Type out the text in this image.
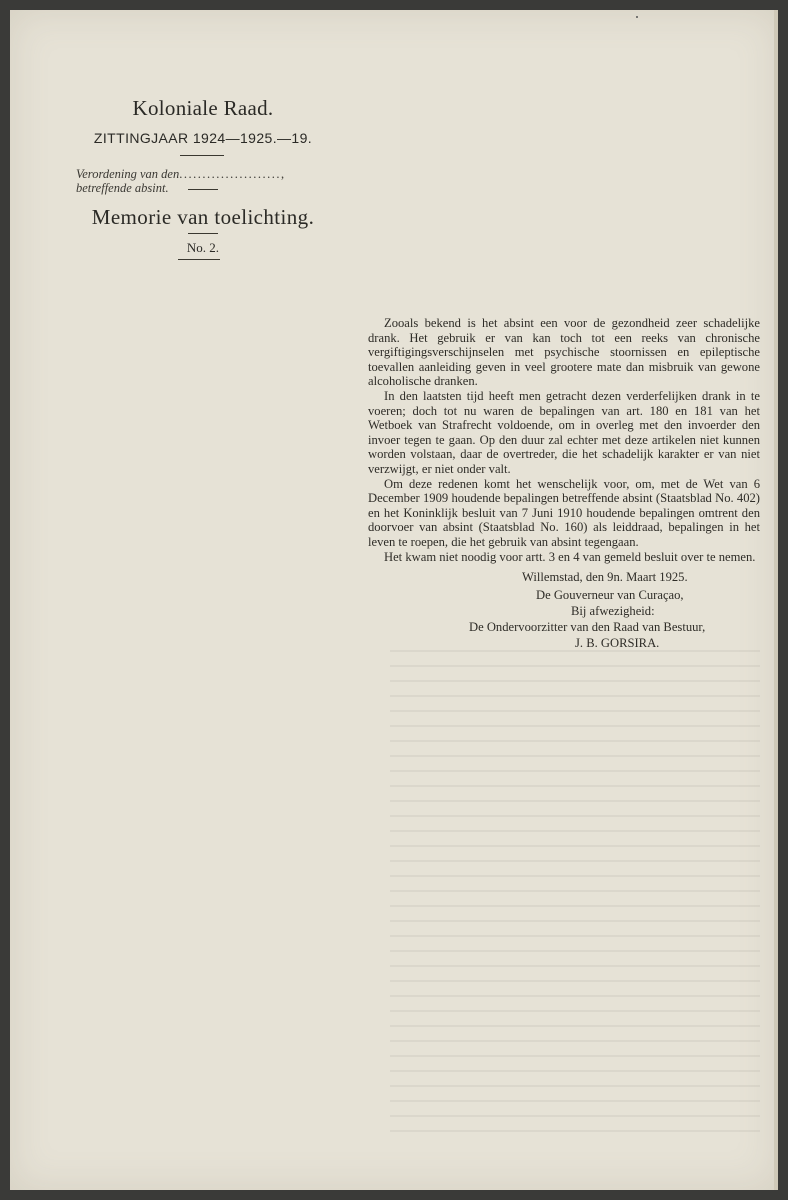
Koloniale Raad.
ZITTINGJAAR 1924—1925.—19.
Verordening van den......................,
betreffende absint.
Memorie van toelichting.
No. 2.

Zooals bekend is het absint een voor de gezondheid zeer schadelijke drank. Het gebruik er van kan toch tot een reeks van chronische vergiftigingsverschijnselen met psychische stoornissen en epileptische toevallen aanleiding geven in veel grootere mate dan misbruik van gewone alcoholische dranken.

In den laatsten tijd heeft men getracht dezen verderfelijken drank in te voeren; doch tot nu waren de bepalingen van art. 180 en 181 van het Wetboek van Strafrecht voldoende, om in overleg met den invoerder den invoer tegen te gaan. Op den duur zal echter met deze artikelen niet kunnen worden volstaan, daar de overtreder, die het schadelijk karakter er van niet verzwijgt, er niet onder valt.

Om deze redenen komt het wenschelijk voor, om, met de Wet van 6 December 1909 houdende bepalingen betreffende absint (Staatsblad No. 402) en het Koninklijk besluit van 7 Juni 1910 houdende bepalingen omtrent den doorvoer van absint (Staatsblad No. 160) als leiddraad, bepalingen in het leven te roepen, die het gebruik van absint tegengaan.

Het kwam niet noodig voor artt. 3 en 4 van gemeld besluit over te nemen.

Willemstad, den 9n. Maart 1925.
De Gouverneur van Curaçao,
Bij afwezigheid:
De Ondervoorzitter van den Raad van Bestuur,
J. B. GORSIRA.
